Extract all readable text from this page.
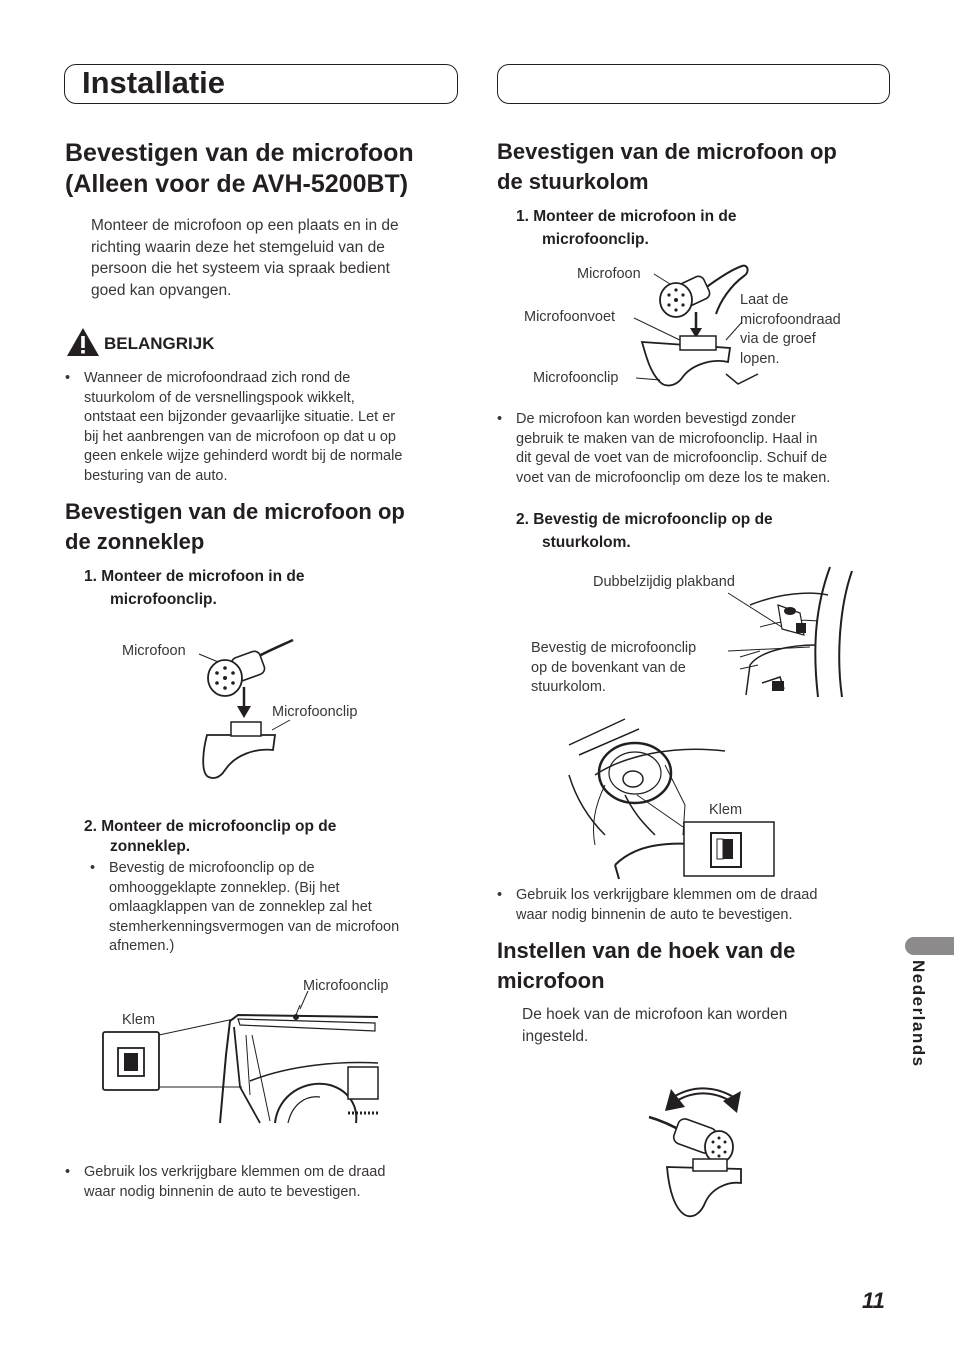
Installatie
Bevestigen van de microfoon
(Alleen voor de AVH-5200BT)
Monteer de microfoon op een plaats en in de
richting waarin deze het stemgeluid van de
persoon die het systeem via spraak bedient
goed kan opvangen.
BELANGRIJK
• Wanneer de microfoondraad zich rond de
stuurkolom of de versnellingspook wikkelt,
ontstaat een bijzonder gevaarlijke situatie. Let er
bij het aanbrengen van de microfoon op dat u op
geen enkele wijze gehinderd wordt bij de normale
besturing van de auto.
Bevestigen van de microfoon op
de zonneklep
1. Monteer de microfoon in de
microfoonclip.
Microfoon
Microfoonclip
2. Monteer de microfoonclip op de
zonneklep.
• Bevestig de microfoonclip op de
omhooggeklapte zonneklep. (Bij het
omlaagklappen van de zonneklep zal het
stemherkenningsvermogen van de microfoon
afnemen.)
Microfoonclip
Klem
• Gebruik los verkrijgbare klemmen om de draad
waar nodig binnenin de auto te bevestigen.
Bevestigen van de microfoon op
de stuurkolom
1. Monteer de microfoon in de
microfoonclip.
Microfoon
Microfoonvoet
Microfoonclip
Laat de
microfoondraad
via de groef
lopen.
• De microfoon kan worden bevestigd zonder
gebruik te maken van de microfoonclip. Haal in
dit geval de voet van de microfoonclip. Schuif de
voet van de microfoonclip om deze los te maken.
2. Bevestig de microfoonclip op de
stuurkolom.
Dubbelzijdig plakband
Bevestig de microfoonclip
op de bovenkant van de
stuurkolom.
Klem
• Gebruik los verkrijgbare klemmen om de draad
waar nodig binnenin de auto te bevestigen.
Instellen van de hoek van de
microfoon
De hoek van de microfoon kan worden
ingesteld.	Nederlands
11
